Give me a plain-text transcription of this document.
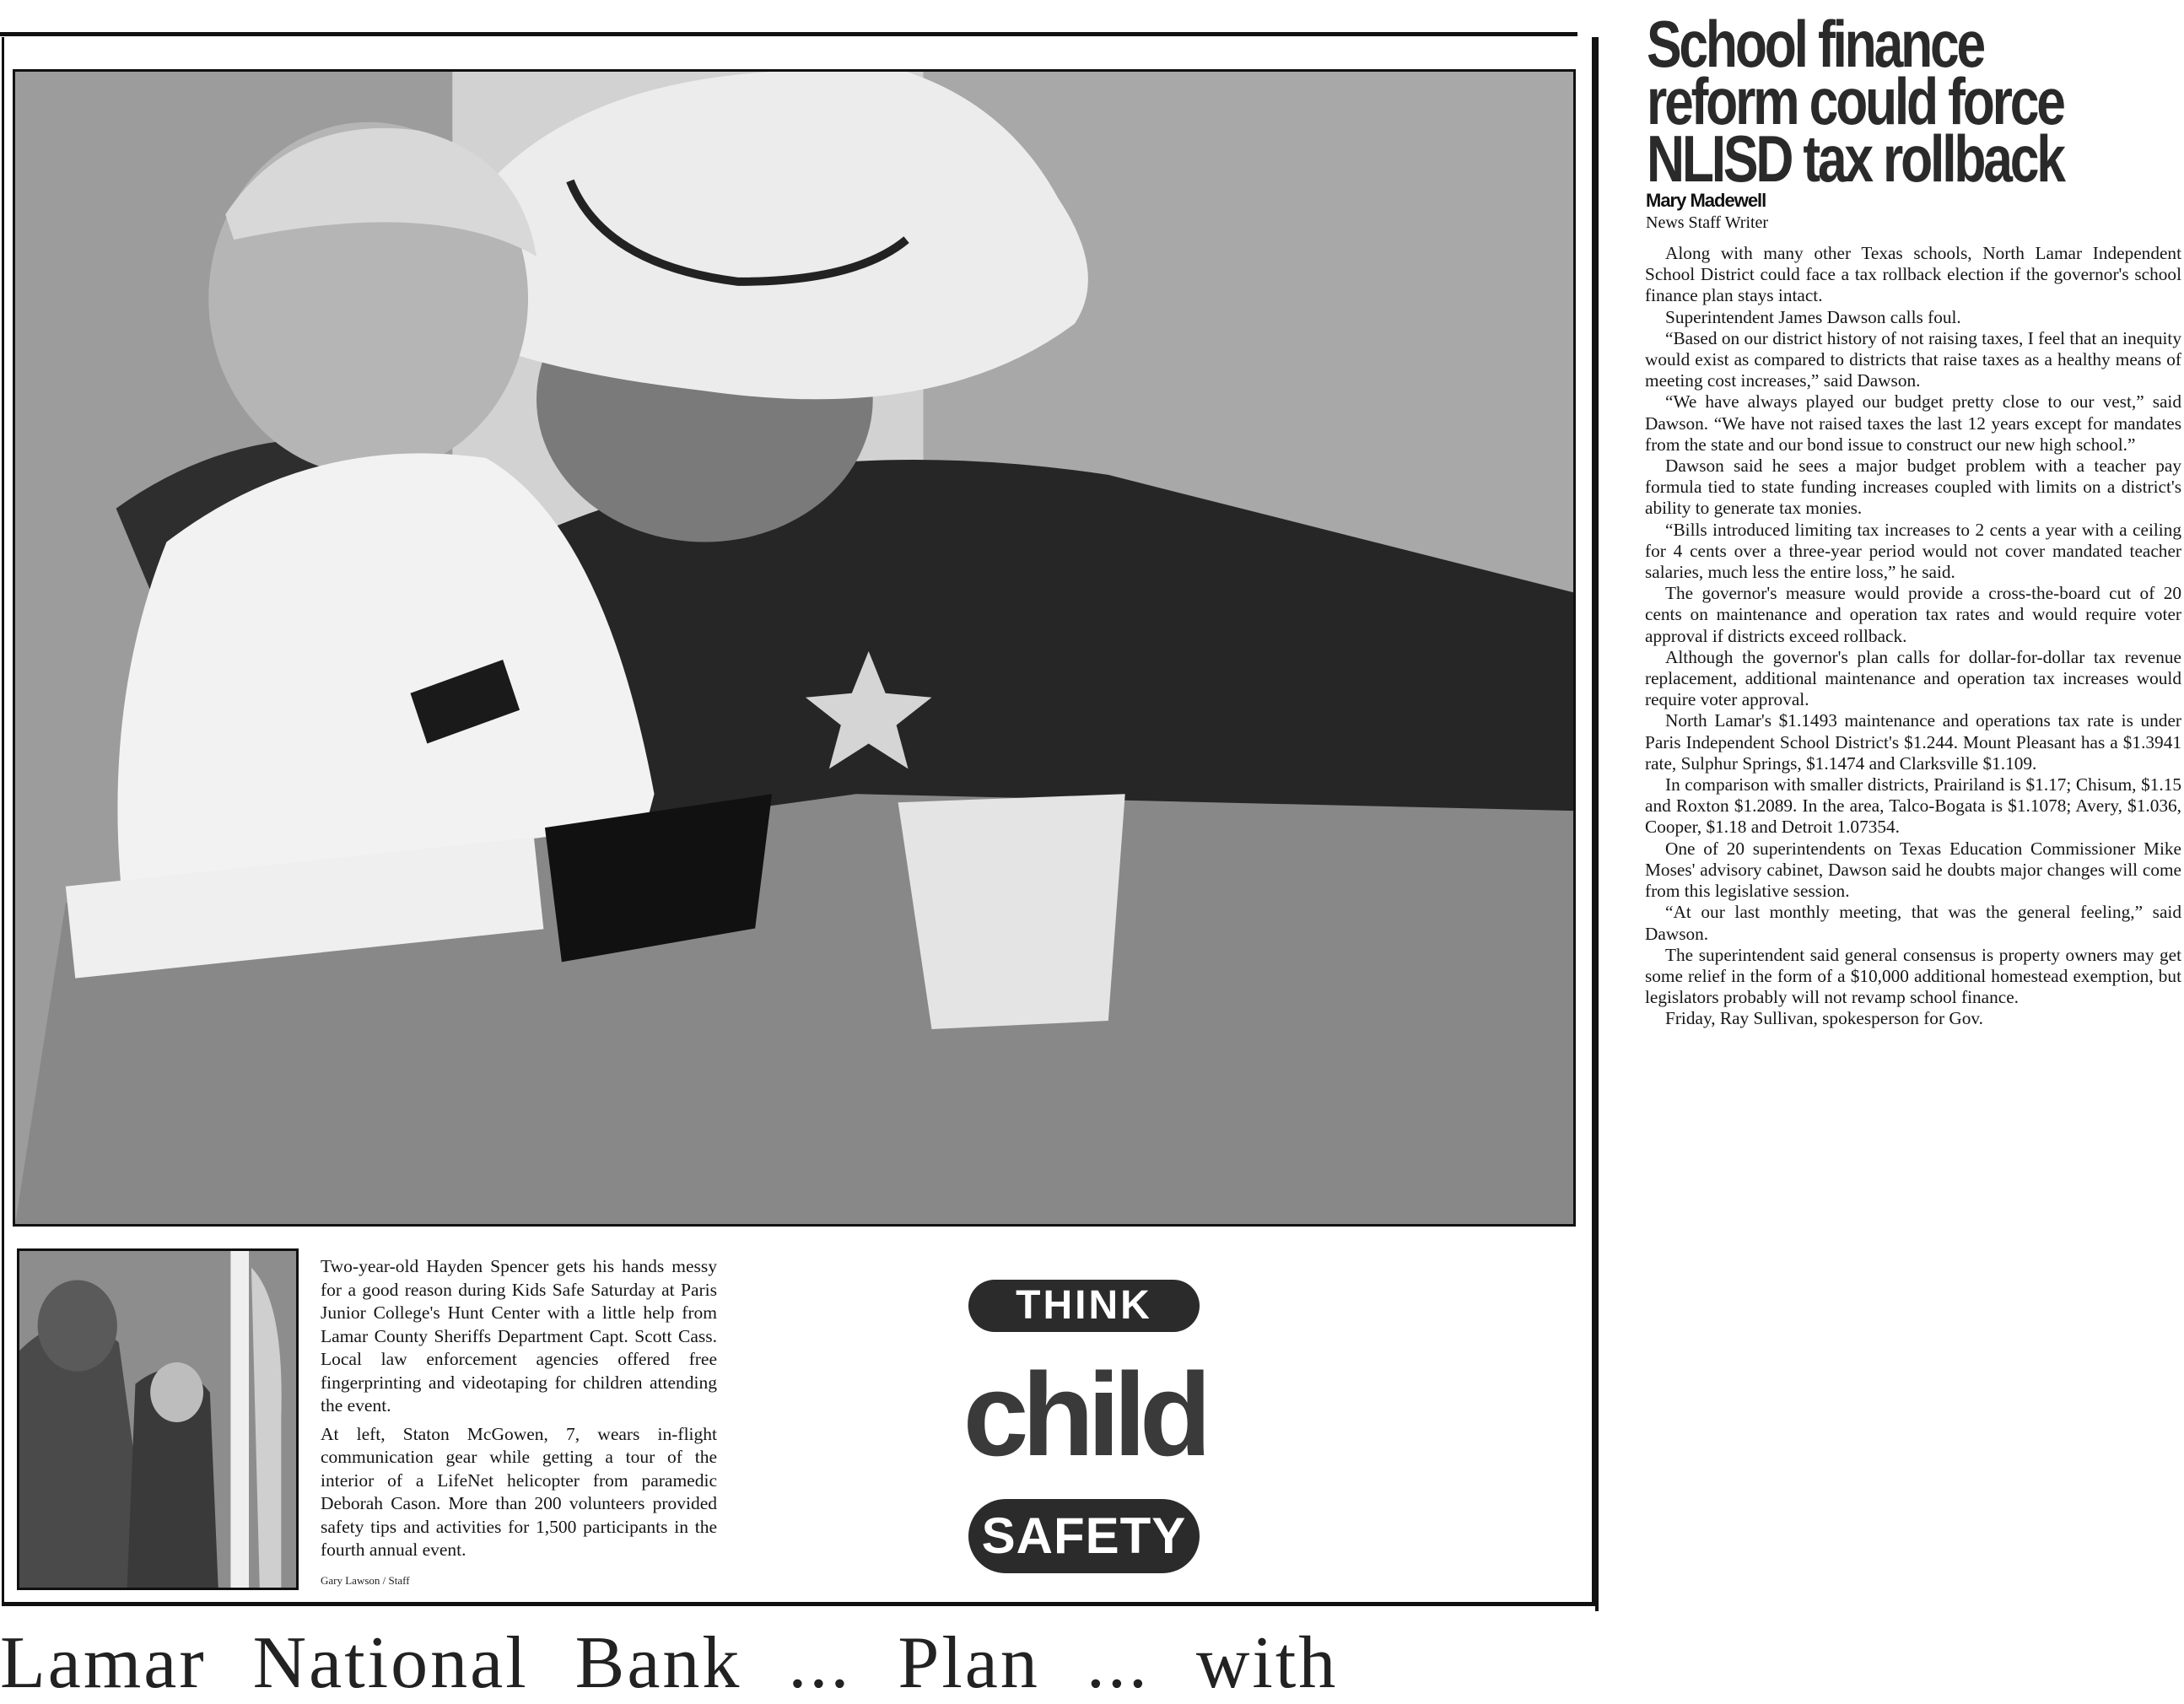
Two-year-old Hayden Spencer gets his hands messy for a good reason during Kids Safe Saturday at Paris Junior College's Hunt Center with a little help from Lamar County Sheriffs Department Capt. Scott Cass. Local law enforcement agencies offered free fingerprinting and videotaping for children attending the event.

At left, Staton McGowen, 7, wears in-flight communication gear while getting a tour of the interior of a LifeNet helicopter from paramedic Deborah Cason. More than 200 volunteers provided safety tips and activities for 1,500 participants in the fourth annual event.

Gary Lawson / Staff
THINK
child
SAFETY
School finance
reform could force
NLISD tax rollback
Mary Madewell
News Staff Writer

Along with many other Texas schools, North Lamar Independent School District could face a tax rollback election if the governor's school finance plan stays intact.

Superintendent James Dawson calls foul.

“Based on our district history of not raising taxes, I feel that an inequity would exist as compared to districts that raise taxes as a healthy means of meeting cost increases,” said Dawson.

“We have always played our budget pretty close to our vest,” said Dawson. “We have not raised taxes the last 12 years except for mandates from the state and our bond issue to construct our new high school.”

Dawson said he sees a major budget problem with a teacher pay formula tied to state funding increases coupled with limits on a district's ability to generate tax monies.

“Bills introduced limiting tax increases to 2 cents a year with a ceiling for 4 cents over a three-year period would not cover mandated teacher salaries, much less the entire loss,” he said.

The governor's measure would provide a cross-the-board cut of 20 cents on maintenance and operation tax rates and would require voter approval if districts exceed rollback.

Although the governor's plan calls for dollar-for-dollar tax revenue replacement, additional maintenance and operation tax increases would require voter approval.

North Lamar's $1.1493 maintenance and operations tax rate is under Paris Independent School District's $1.244. Mount Pleasant has a $1.3941 rate, Sulphur Springs, $1.1474 and Clarksville $1.109.

In comparison with smaller districts, Prairiland is $1.17; Chisum, $1.15 and Roxton $1.2089. In the area, Talco-Bogata is $1.1078; Avery, $1.036, Cooper, $1.18 and Detroit 1.07354.

One of 20 superintendents on Texas Education Commissioner Mike Moses' advisory cabinet, Dawson said he doubts major changes will come from this legislative session.

“At our last monthly meeting, that was the general feeling,” said Dawson.

The superintendent said general consensus is property owners may get some relief in the form of a $10,000 additional homestead exemption, but legislators probably will not revamp school finance.

Friday, Ray Sullivan, spokesperson for Gov.

Lamar National Bank ... Plan ... with
